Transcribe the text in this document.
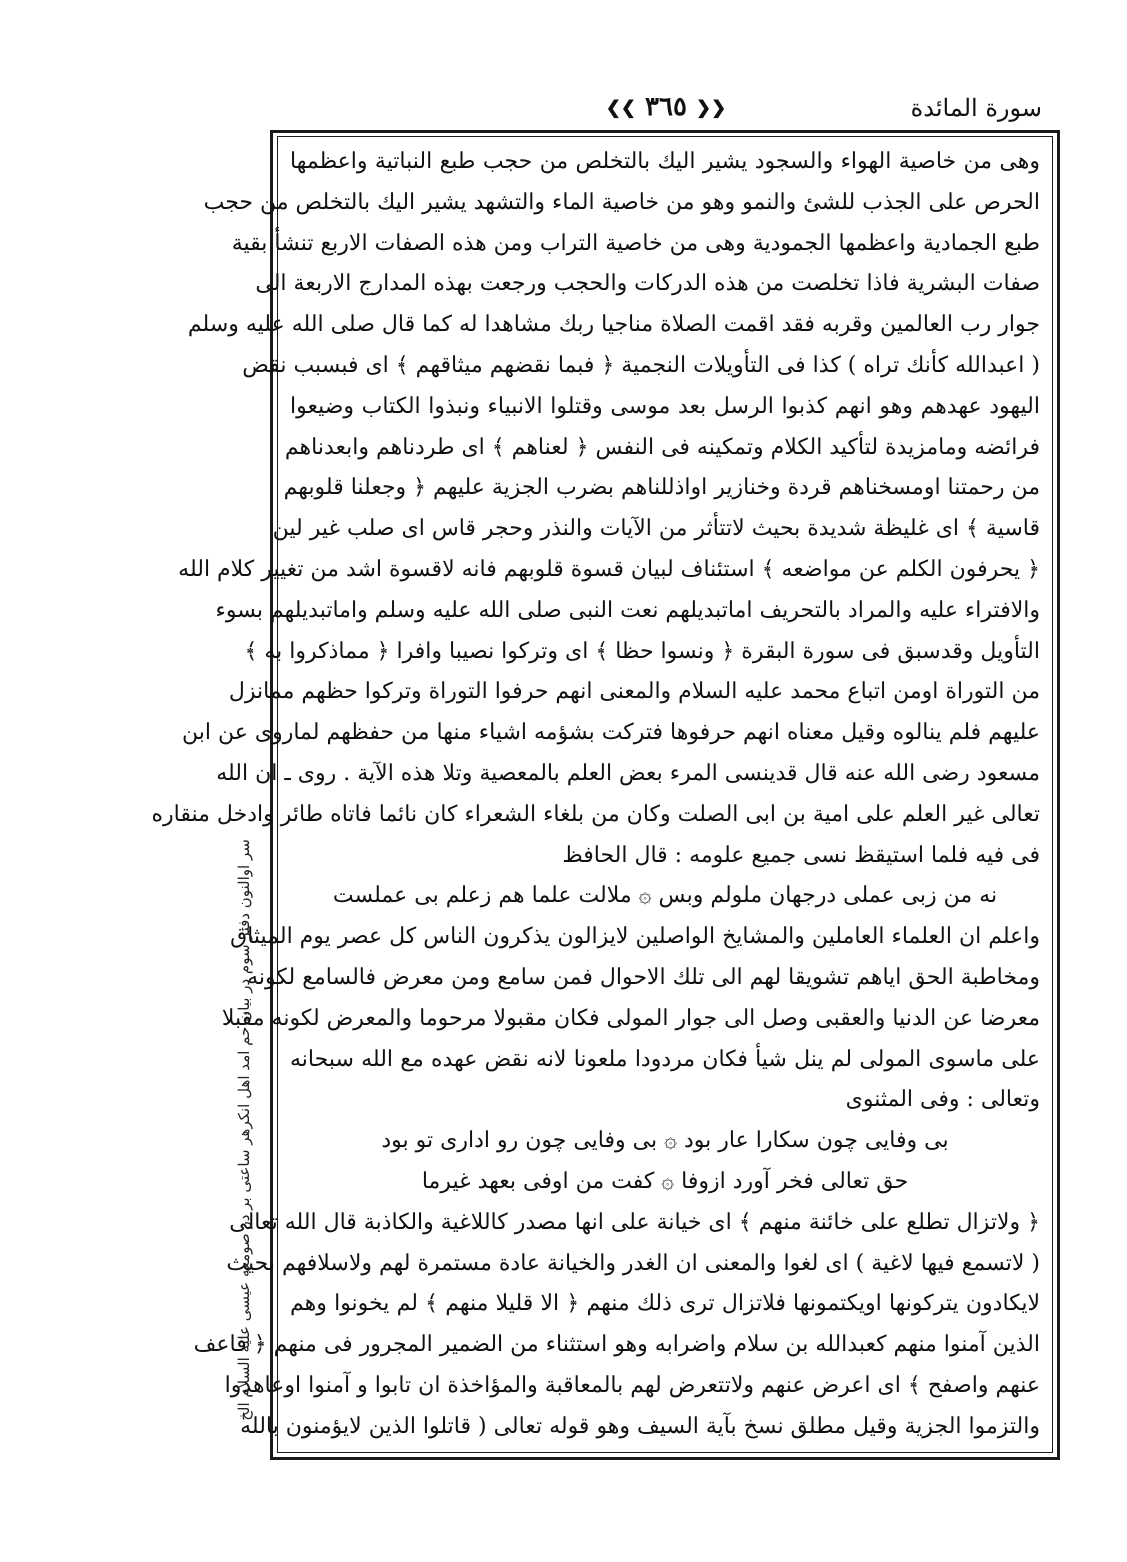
❮❮ ٣٦٥ ❯❯	سورة المائدة
وهى من خاصية الهواء والسجود يشير اليك بالتخلص من حجب طبع النباتية واعظمها
الحرص على الجذب للشئ والنمو وهو من خاصية الماء والتشهد يشير اليك بالتخلص من حجب
طبع الجمادية واعظمها الجمودية وهى من خاصية التراب ومن هذه الصفات الاربع تنشأ بقية
صفات البشرية فاذا تخلصت من هذه الدركات والحجب ورجعت بهذه المدارج الاربعة الى
جوار رب العالمين وقربه فقد اقمت الصلاة مناجيا ربك مشاهدا له كما قال صلى الله عليه وسلم
( اعبدالله كأنك تراه ) كذا فى التأويلات النجمية ﴿ فبما نقضهم ميثاقهم ﴾ اى فبسبب نقض
اليهود عهدهم وهو انهم كذبوا الرسل بعد موسى وقتلوا الانبياء ونبذوا الكتاب وضيعوا
فرائضه ومامزيدة لتأكيد الكلام وتمكينه فى النفس ﴿ لعناهم ﴾ اى طردناهم وابعدناهم
من رحمتنا اومسخناهم قردة وخنازير اواذللناهم بضرب الجزية عليهم ﴿ وجعلنا قلوبهم
قاسية ﴾ اى غليظة شديدة بحيث لاتتأثر من الآيات والنذر وحجر قاس اى صلب غير لين
﴿ يحرفون الكلم عن مواضعه ﴾ استئناف لبيان قسوة قلوبهم فانه لاقسوة اشد من تغيير كلام الله
والافتراء عليه والمراد بالتحريف اماتبديلهم نعت النبى صلى الله عليه وسلم واماتبديلهم بسوء
التأويل وقدسبق فى سورة البقرة ﴿ ونسوا حظا ﴾ اى وتركوا نصيبا وافرا ﴿ مماذكروا به ﴾
من التوراة اومن اتباع محمد عليه السلام والمعنى انهم حرفوا التوراة وتركوا حظهم ممانزل
عليهم فلم ينالوه وقيل معناه انهم حرفوها فتركت بشؤمه اشياء منها من حفظهم لماروى عن ابن
مسعود رضى الله عنه قال قدينسى المرء بعض العلم بالمعصية وتلا هذه الآية . روى ـ ان الله
تعالى غير العلم على امية بن ابى الصلت وكان من بلغاء الشعراء كان نائما فاتاه طائر وادخل منقاره
فى فيه فلما استيقظ نسى جميع علومه : قال الحافظ
نه من زبى عملى درجهان ملولم وبس ۞ ملالت علما هم زعلم بى عملست
واعلم ان العلماء العاملين والمشايخ الواصلين لايزالون يذكرون الناس كل عصر يوم الميثاق
ومخاطبة الحق اياهم تشويقا لهم الى تلك الاحوال فمن سامع ومن معرض فالسامع لكونه
معرضا عن الدنيا والعقبى وصل الى جوار المولى فكان مقبولا مرحوما والمعرض لكونه مقبلا
على ماسوى المولى لم ينل شيأ فكان مردودا ملعونا لانه نقض عهده مع الله سبحانه
وتعالى : وفى المثنوى
بى وفايى چون سكارا عار بود ۞ بى وفايى چون رو ادارى تو بود
حق تعالى فخر آورد ازوفا ۞ كفت من اوفى بعهد غيرما
﴿ ولاتزال تطلع على خائنة منهم ﴾ اى خيانة على انها مصدر كاللاغية والكاذبة قال الله تعالى
( لاتسمع فيها لاغية ) اى لغوا والمعنى ان الغدر والخيانة عادة مستمرة لهم ولاسلافهم بحيث
لايكادون يتركونها اويكتمونها فلاتزال ترى ذلك منهم ﴿ الا قليلا منهم ﴾ لم يخونوا وهم
الذين آمنوا منهم كعبدالله بن سلام واضرابه وهو استثناء من الضمير المجرور فى منهم ﴿ فاعف
عنهم واصفح ﴾ اى اعرض عنهم ولاتتعرض لهم بالمعاقبة والمؤاخذة ان تابوا و آمنوا اوعاهدوا
والتزموا الجزية وقيل مطلق نسخ بآية السيف وهو قوله تعالى ( قاتلوا الذين لايؤمنون بالله
سر اوالنون دفتر سوم در بيان حم امد اهل انكرهر ساعتى بر در صومعه عيسى عليه السلام الخ
